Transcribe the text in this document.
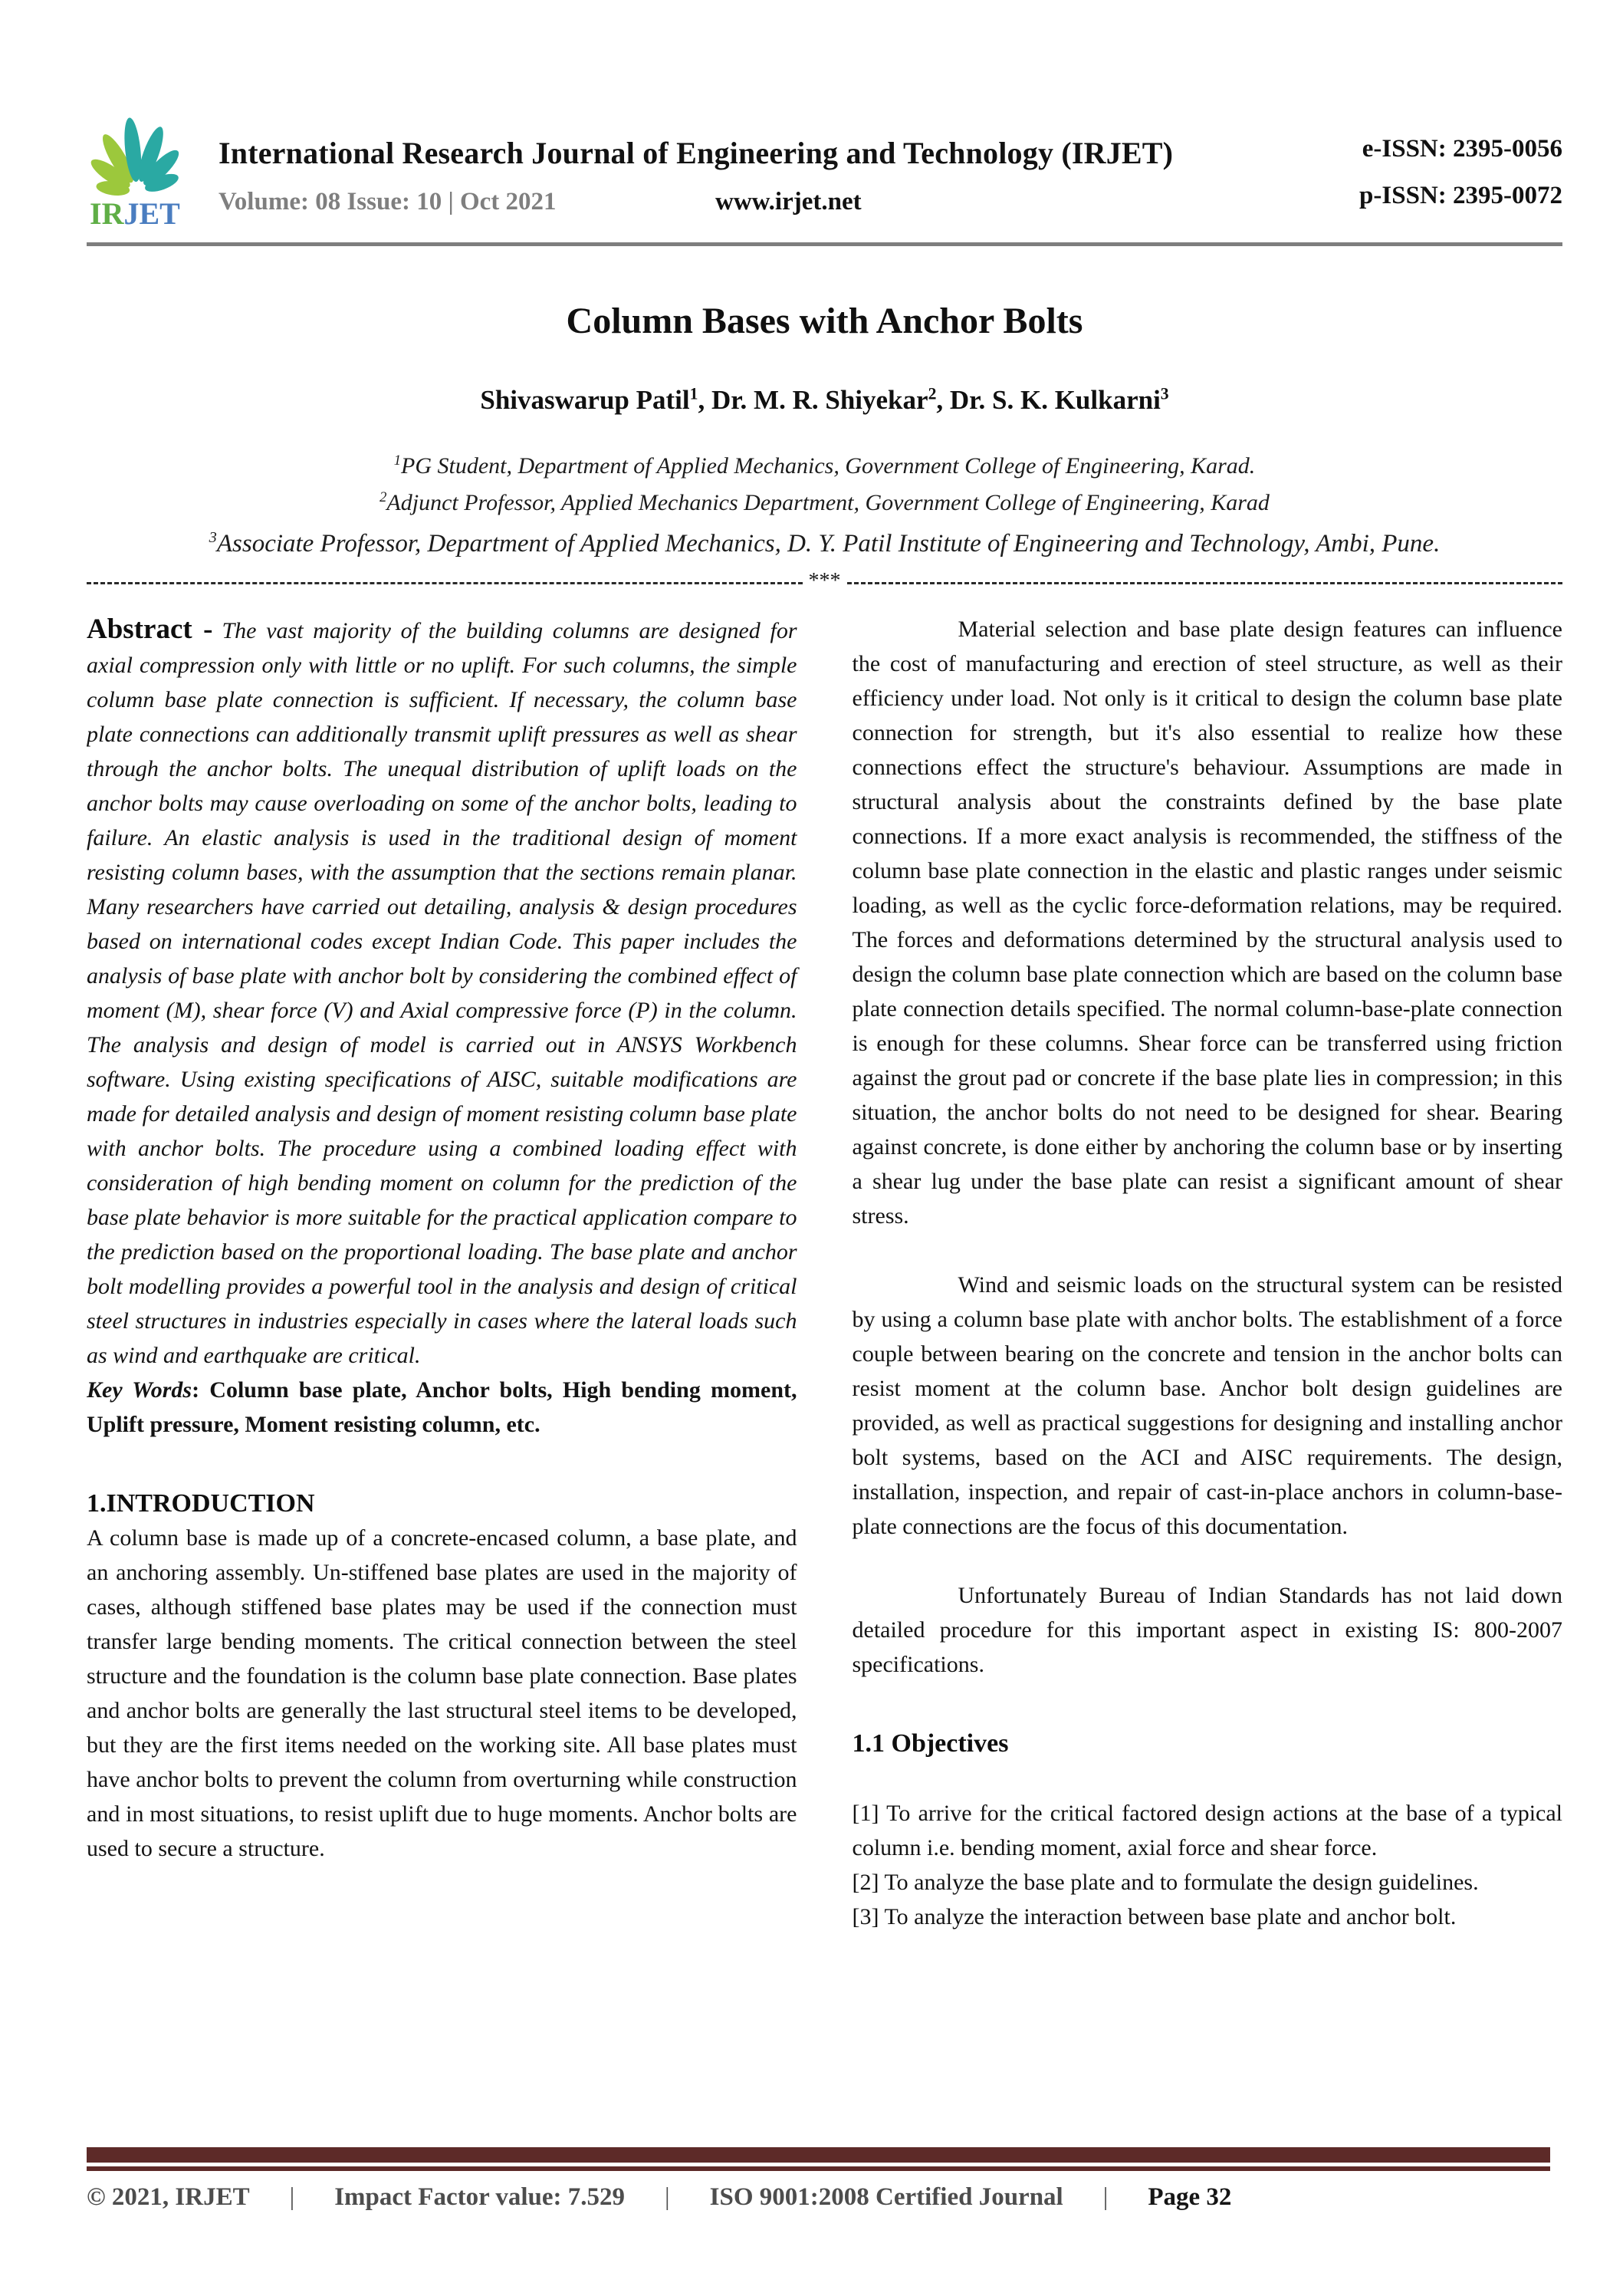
IRJET
International Research Journal of Engineering and Technology (IRJET)
Volume: 08 Issue: 10 | Oct 2021	www.irjet.net
e-ISSN: 2395-0056
p-ISSN: 2395-0072
Column Bases with Anchor Bolts
Shivaswarup Patil$^1$, Dr. M. R. Shiyekar$^2$, Dr. S. K. Kulkarni$^3$
$^1$PG Student, Department of Applied Mechanics, Government College of Engineering, Karad.
$^2$Adjunct Professor, Applied Mechanics Department, Government College of Engineering, Karad
$^3$Associate Professor, Department of Applied Mechanics, D. Y. Patil Institute of Engineering and Technology, Ambi, Pune.
***

Abstract - The vast majority of the building columns are designed for axial compression only with little or no uplift. For such columns, the simple column base plate connection is sufficient. If necessary, the column base plate connections can additionally transmit uplift pressures as well as shear through the anchor bolts. The unequal distribution of uplift loads on the anchor bolts may cause overloading on some of the anchor bolts, leading to failure. An elastic analysis is used in the traditional design of moment resisting column bases, with the assumption that the sections remain planar. Many researchers have carried out detailing, analysis & design procedures based on international codes except Indian Code. This paper includes the analysis of base plate with anchor bolt by considering the combined effect of moment (M), shear force (V) and Axial compressive force (P) in the column. The analysis and design of model is carried out in ANSYS Workbench software. Using existing specifications of AISC, suitable modifications are made for detailed analysis and design of moment resisting column base plate with anchor bolts. The procedure using a combined loading effect with consideration of high bending moment on column for the prediction of the base plate behavior is more suitable for the practical application compare to the prediction based on the proportional loading. The base plate and anchor bolt modelling provides a powerful tool in the analysis and design of critical steel structures in industries especially in cases where the lateral loads such as wind and earthquake are critical.

Key Words: Column base plate, Anchor bolts, High bending moment, Uplift pressure, Moment resisting column, etc.

1.INTRODUCTION

A column base is made up of a concrete-encased column, a base plate, and an anchoring assembly. Un-stiffened base plates are used in the majority of cases, although stiffened base plates may be used if the connection must transfer large bending moments. The critical connection between the steel structure and the foundation is the column base plate connection. Base plates and anchor bolts are generally the last structural steel items to be developed, but they are the first items needed on the working site. All base plates must have anchor bolts to prevent the column from overturning while construction and in most situations, to resist uplift due to huge moments. Anchor bolts are used to secure a structure.

Material selection and base plate design features can influence the cost of manufacturing and erection of steel structure, as well as their efficiency under load. Not only is it critical to design the column base plate connection for strength, but it's also essential to realize how these connections effect the structure's behaviour. Assumptions are made in structural analysis about the constraints defined by the base plate connections. If a more exact analysis is recommended, the stiffness of the column base plate connection in the elastic and plastic ranges under seismic loading, as well as the cyclic force-deformation relations, may be required. The forces and deformations determined by the structural analysis used to design the column base plate connection which are based on the column base plate connection details specified. The normal column-base-plate connection is enough for these columns. Shear force can be transferred using friction against the grout pad or concrete if the base plate lies in compression; in this situation, the anchor bolts do not need to be designed for shear. Bearing against concrete, is done either by anchoring the column base or by inserting a shear lug under the base plate can resist a significant amount of shear stress.

Wind and seismic loads on the structural system can be resisted by using a column base plate with anchor bolts. The establishment of a force couple between bearing on the concrete and tension in the anchor bolts can resist moment at the column base. Anchor bolt design guidelines are provided, as well as practical suggestions for designing and installing anchor bolt systems, based on the ACI and AISC requirements. The design, installation, inspection, and repair of cast-in-place anchors in column-base-plate connections are the focus of this documentation.

Unfortunately Bureau of Indian Standards has not laid down detailed procedure for this important aspect in existing IS: 800-2007 specifications.

1.1 Objectives

[1] To arrive for the critical factored design actions at the base of a typical column i.e. bending moment, axial force and shear force.

[2] To analyze the base plate and to formulate the design guidelines.

[3] To analyze the interaction between base plate and anchor bolt.

© 2021, IRJET | Impact Factor value: 7.529 | ISO 9001:2008 Certified Journal | Page 32
